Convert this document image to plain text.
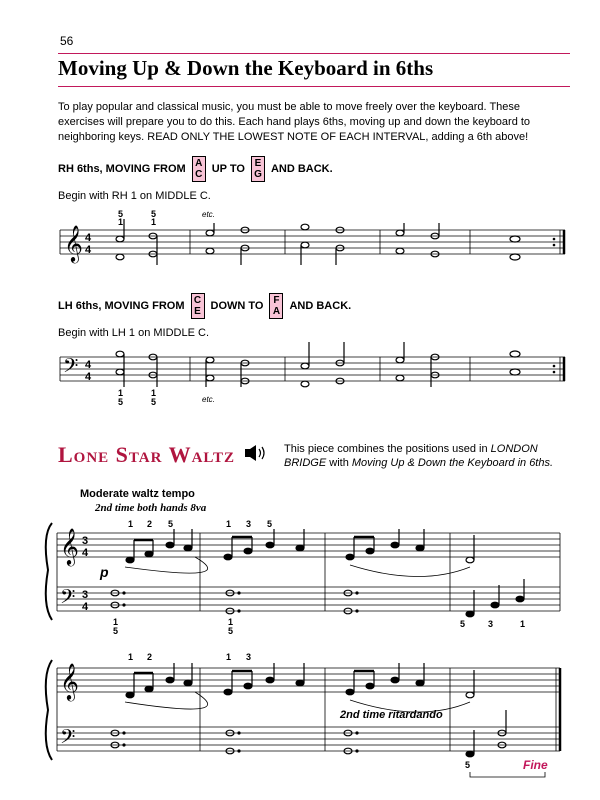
56
Moving Up & Down the Keyboard in 6ths
To play popular and classical music, you must be able to move freely over the keyboard. These exercises will prepare you to do this. Each hand plays 6ths, moving up and down the keyboard to neighboring keys. READ ONLY THE LOWEST NOTE OF EACH INTERVAL, adding a 6th above!
RH 6ths, MOVING FROM A
C UP TO E
G AND BACK.
Begin with RH 1 on MIDDLE C.
𝄞 4
4
5
1
5
1
etc.
LH 6ths, MOVING FROM C
E DOWN TO F
A AND BACK.
Begin with LH 1 on MIDDLE C.
𝄢 4
4
1
5
1
5	etc.
Lone Star Waltz	This piece combines the positions used in LONDON BRIDGE with Moving Up & Down the Keyboard in 6ths.
Moderate waltz tempo
2nd time both hands 8va
𝄞
𝄢
3
4
3
4
1 2 5	1 3 5
p
1
5
1
5
5	3	1
𝄞
𝄢
1 2	1 3
2nd time ritardando
5	Fine
